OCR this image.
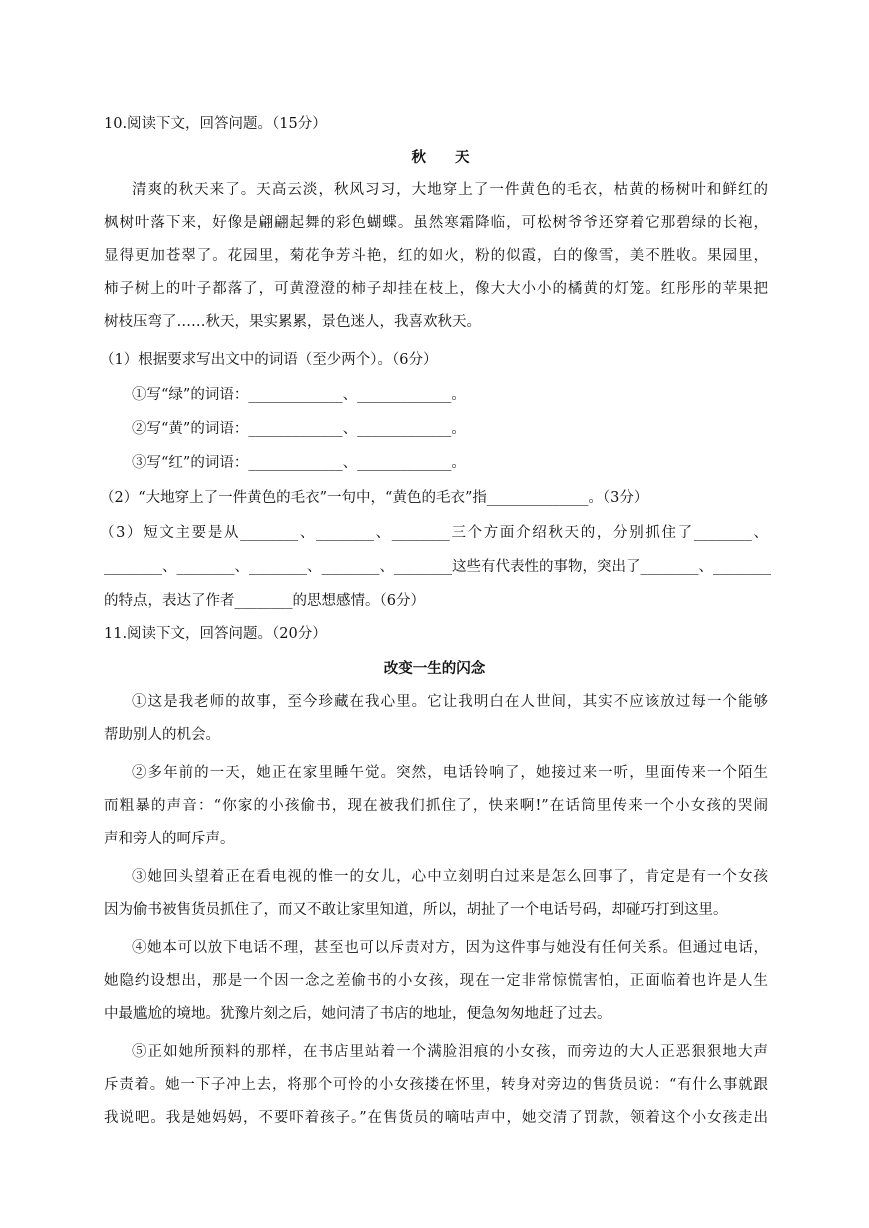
10.阅读下文，回答问题。（15分）
秋 天
清爽的秋天来了。天高云淡，秋风习习，大地穿上了一件黄色的毛衣，枯黄的杨树叶和鲜红的
枫树叶落下来，好像是翩翩起舞的彩色蝴蝶。虽然寒霜降临，可松树爷爷还穿着它那碧绿的长袍，
显得更加苍翠了。花园里，菊花争芳斗艳，红的如火，粉的似霞，白的像雪，美不胜收。果园里，
柿子树上的叶子都落了，可黄澄澄的柿子却挂在枝上，像大大小小的橘黄的灯笼。红彤彤的苹果把
树枝压弯了……秋天，果实累累，景色迷人，我喜欢秋天。
（1）根据要求写出文中的词语（至少两个）。（6分）
①写“绿”的词语：_____________、_____________。
②写“黄”的词语：_____________、_____________。
③写“红”的词语：_____________、_____________。
（2）“大地穿上了一件黄色的毛衣”一句中，“黄色的毛衣”指______________。（3分）
（3）短文主要是从________、________、________三个方面介绍秋天的，分别抓住了________、
________、________、________、________、________这些有代表性的事物，突出了________、________
的特点，表达了作者________的思想感情。（6分）
11.阅读下文，回答问题。（20分）
改变一生的闪念
①这是我老师的故事，至今珍藏在我心里。它让我明白在人世间，其实不应该放过每一个能够
帮助别人的机会。
②多年前的一天，她正在家里睡午觉。突然，电话铃响了，她接过来一听，里面传来一个陌生
而粗暴的声音：“你家的小孩偷书，现在被我们抓住了，快来啊!”在话筒里传来一个小女孩的哭闹
声和旁人的呵斥声。
③她回头望着正在看电视的惟一的女儿，心中立刻明白过来是怎么回事了，肯定是有一个女孩
因为偷书被售货员抓住了，而又不敢让家里知道，所以，胡扯了一个电话号码，却碰巧打到这里。
④她本可以放下电话不理，甚至也可以斥责对方，因为这件事与她没有任何关系。但通过电话，
她隐约设想出，那是一个因一念之差偷书的小女孩，现在一定非常惊慌害怕，正面临着也许是人生
中最尴尬的境地。犹豫片刻之后，她问清了书店的地址，便急匆匆地赶了过去。
⑤正如她所预料的那样，在书店里站着一个满脸泪痕的小女孩，而旁边的大人正恶狠狠地大声
斥责着。她一下子冲上去，将那个可怜的小女孩搂在怀里，转身对旁边的售货员说：“有什么事就跟
我说吧。我是她妈妈，不要吓着孩子。”在售货员的嘀咕声中，她交清了罚款，领着这个小女孩走出
